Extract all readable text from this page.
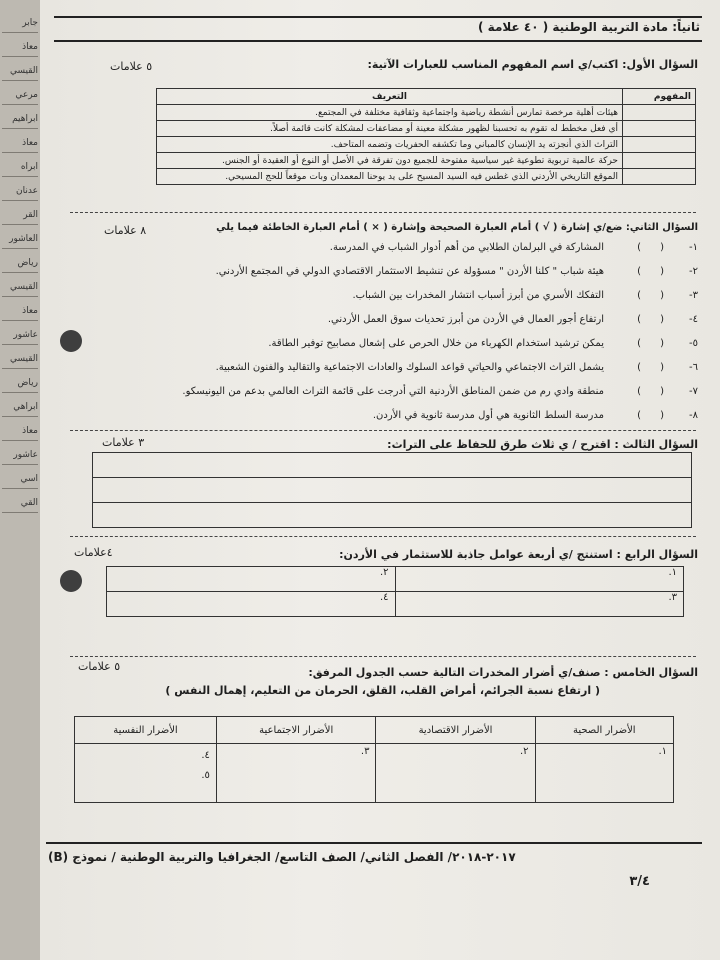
جابر
معاذ
القيسي
مرعي
ابراهيم
معاذ
ابراه
عدنان
القر
العاشور
رياض
القيسي
معاذ
عاشور
القيسي
رياض
ابراهي
معاذ
عاشور
اسي
القي
ثانياً: مادة التربية الوطنية ( ٤٠ علامة )
السؤال الأول: اكتب/ي اسم المفهوم المناسب للعبارات الآتية:
٥ علامات
المفهوم	التعريف
	هيئات أهلية مرخصة تمارس أنشطة رياضية واجتماعية وثقافية مختلفة في المجتمع.
	أي فعل مخطط له تقوم به تحسبنا لظهور مشكلة معينة أو مضاعفات لمشكلة كانت قائمة أصلاً.
	التراث الذي أنجزته يد الإنسان كالمباني وما تكشفه الحفريات وتضمه المتاحف.
	حركة عالمية تربوية تطوعية غير سياسية مفتوحة للجميع دون تفرقة في الأصل أو النوع أو العقيدة أو الجنس.
	الموقع التاريخي الأردني الذي غطس فيه السيد المسيح على يد يوحنا المعمدان وبات موقعاً للحج المسيحي.
السؤال الثاني: ضع/ي إشارة ( √ ) أمام العبارة الصحيحة وإشارة ( × ) أمام العبارة الخاطئة فيما يلي
٨ علامات
١-(      )المشاركة في البرلمان الطلابي من أهم أدوار الشباب في المدرسة.
٢-(      )هيئة شباب " كلنا الأردن " مسؤولة عن تنشيط الاستثمار الاقتصادي الدولي في المجتمع الأردني.
٣-(      )التفكك الأسري من أبرز أسباب انتشار المخدرات بين الشباب.
٤-(      )ارتفاع أجور العمال في الأردن من أبرز تحديات سوق العمل الأردني.
٥-(      )يمكن ترشيد استخدام الكهرباء من خلال الحرص على إشعال مصابيح توفير الطاقة.
٦-(      )يشمل التراث الاجتماعي والحياتي قواعد السلوك والعادات الاجتماعية والتقاليد والفنون الشعبية.
٧-(      )منطقة وادي رم من ضمن المناطق الأردنية التي أدرجت على قائمة التراث العالمي بدعم من اليونيسكو.
٨-(      )مدرسة السلط الثانوية هي أول مدرسة ثانوية في الأردن.
السؤال الثالث : اقترح / ي ثلاث طرق للحفاظ على التراث:
٣ علامات
السؤال الرابع : استنتج /ي أربعة عوامل جاذبة للاستثمار في الأردن:
٤علامات
١.	٢.
٣.	٤.
السؤال الخامس : صنف/ي أضرار المخدرات التالية حسب الجدول المرفق:
٥ علامات
( ارتفاع نسبة الجرائم، أمراض القلب، القلق، الحرمان من التعليم، إهمال النفس )
الأضرار الصحية	الأضرار الاقتصادية	الأضرار الاجتماعية	الأضرار النفسية
١.	٢.	٣.	٤.
٥.
٢٠١٧-٢٠١٨/ الفصل الثاني/ الصف التاسع/ الجغرافيا والتربية الوطنية / نموذج (B)
٣/٤
